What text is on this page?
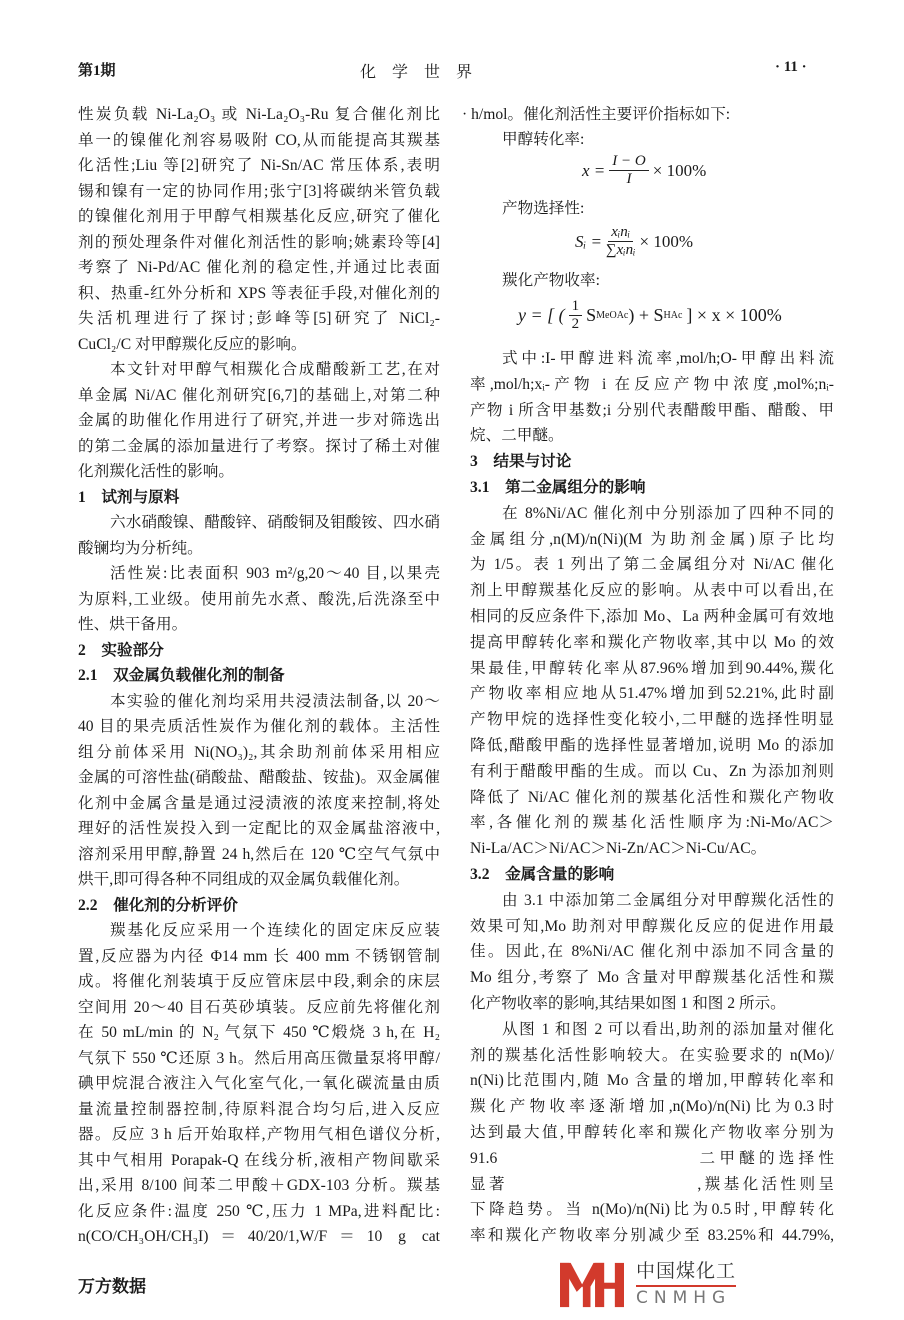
第1期	化　学　世　界	· 11 ·
性炭负载 Ni-La₂O₃ 或 Ni-La₂O₃-Ru 复合催化剂比
单一的镍催化剂容易吸附 CO,从而能提高其羰基
化活性;Liu 等[2]研究了 Ni-Sn/AC 常压体系,表明
锡和镍有一定的协同作用;张宁[3]将碳纳米管负载
的镍催化剂用于甲醇气相羰基化反应,研究了催化
剂的预处理条件对催化剂活性的影响;姚素玲等[4]
考察了 Ni-Pd/AC 催化剂的稳定性,并通过比表面
积、热重-红外分析和 XPS 等表征手段,对催化剂的
失活机理进行了探讨;彭峰等[5]研究了 NiCl₂-
CuCl₂/C 对甲醇羰化反应的影响。
本文针对甲醇气相羰化合成醋酸新工艺,在对
单金属 Ni/AC 催化剂研究[6,7]的基础上,对第二种
金属的助催化作用进行了研究,并进一步对筛选出
的第二金属的添加量进行了考察。探讨了稀土对催
化剂羰化活性的影响。
1　试剂与原料
六水硝酸镍、醋酸锌、硝酸铜及钼酸铵、四水硝
酸镧均为分析纯。
活性炭:比表面积 903 m²/g,20～40 目,以果壳
为原料,工业级。使用前先水煮、酸洗,后洗涤至中
性、烘干备用。
2　实验部分
2.1　双金属负载催化剂的制备
本实验的催化剂均采用共浸渍法制备,以 20～
40 目的果壳质活性炭作为催化剂的载体。主活性
组分前体采用 Ni(NO₃)₂,其余助剂前体采用相应
金属的可溶性盐(硝酸盐、醋酸盐、铵盐)。双金属催
化剂中金属含量是通过浸渍液的浓度来控制,将处
理好的活性炭投入到一定配比的双金属盐溶液中,
溶剂采用甲醇,静置 24 h,然后在 120 ℃空气气氛中
烘干,即可得各种不同组成的双金属负载催化剂。
2.2　催化剂的分析评价
羰基化反应采用一个连续化的固定床反应装
置,反应器为内径 Φ14 mm 长 400 mm 不锈钢管制
成。将催化剂装填于反应管床层中段,剩余的床层
空间用 20～40 目石英砂填装。反应前先将催化剂
在 50 mL/min 的 N₂ 气氛下 450 ℃煅烧 3 h,在 H₂
气氛下 550 ℃还原 3 h。然后用高压微量泵将甲醇/
碘甲烷混合液注入气化室气化,一氧化碳流量由质
量流量控制器控制,待原料混合均匀后,进入反应
器。反应 3 h 后开始取样,产物用气相色谱仪分析,
其中气相用 Porapak-Q 在线分析,液相产物间歇采
出,采用 8/100 间苯二甲酸＋GDX-103 分析。羰基
化反应条件:温度 250 ℃,压力 1 MPa,进料配比:
n(CO/CH₃OH/CH₃I)＝40/20/1,W/F＝10 g cat
· h/mol。催化剂活性主要评价指标如下:
甲醇转化率:
$x = \frac{I - O}{I} \times 100\%$
产物选择性:
Sᵢ = xᵢnᵢ
∑xᵢnᵢ × 100%
羰化产物收率:
y = [ ( $\frac{1}{2}$ S MeOAc ) + S HAc ] × x × 100%
式中:I-甲醇进料流率,mol/h;O-甲醇出料流
率,mol/h;xᵢ-产物 i 在反应产物中浓度,mol%;nᵢ-
产物 i 所含甲基数;i 分别代表醋酸甲酯、醋酸、甲
烷、二甲醚。
3　结果与讨论
3.1　第二金属组分的影响
在 8%Ni/AC 催化剂中分别添加了四种不同的
金属组分,n(M)/n(Ni)(M 为助剂金属)原子比均
为 1/5。表 1 列出了第二金属组分对 Ni/AC 催化
剂上甲醇羰基化反应的影响。从表中可以看出,在
相同的反应条件下,添加 Mo、La 两种金属可有效地
提高甲醇转化率和羰化产物收率,其中以 Mo 的效
果最佳,甲醇转化率从87.96%增加到90.44%,羰化
产物收率相应地从51.47%增加到52.21%,此时副
产物甲烷的选择性变化较小,二甲醚的选择性明显
降低,醋酸甲酯的选择性显著增加,说明 Mo 的添加
有利于醋酸甲酯的生成。而以 Cu、Zn 为添加剂则
降低了 Ni/AC 催化剂的羰基化活性和羰化产物收
率,各催化剂的羰基化活性顺序为:Ni-Mo/AC＞
Ni-La/AC＞Ni/AC＞Ni-Zn/AC＞Ni-Cu/AC。
3.2　金属含量的影响
由 3.1 中添加第二金属组分对甲醇羰化活性的
效果可知,Mo 助剂对甲醇羰化反应的促进作用最
佳。因此,在 8%Ni/AC 催化剂中添加不同含量的
Mo 组分,考察了 Mo 含量对甲醇羰基化活性和羰
化产物收率的影响,其结果如图 1 和图 2 所示。
从图 1 和图 2 可以看出,助剂的添加量对催化
剂的羰基化活性影响较大。在实验要求的 n(Mo)/
n(Ni)比范围内,随 Mo 含量的增加,甲醇转化率和
羰化产物收率逐渐增加,n(Mo)/n(Ni)比为0.3时
达到最大值,甲醇转化率和羰化产物收率分别为
91.6　　　　　　　　　　二甲醚的选择性
显著　　　　　　　　　　,羰基化活性则呈
下降趋势。当 n(Mo)/n(Ni)比为0.5时,甲醇转化
率和羰化产物收率分别减少至 83.25%和 44.79%,
中国煤化工
CNMHG
万方数据
